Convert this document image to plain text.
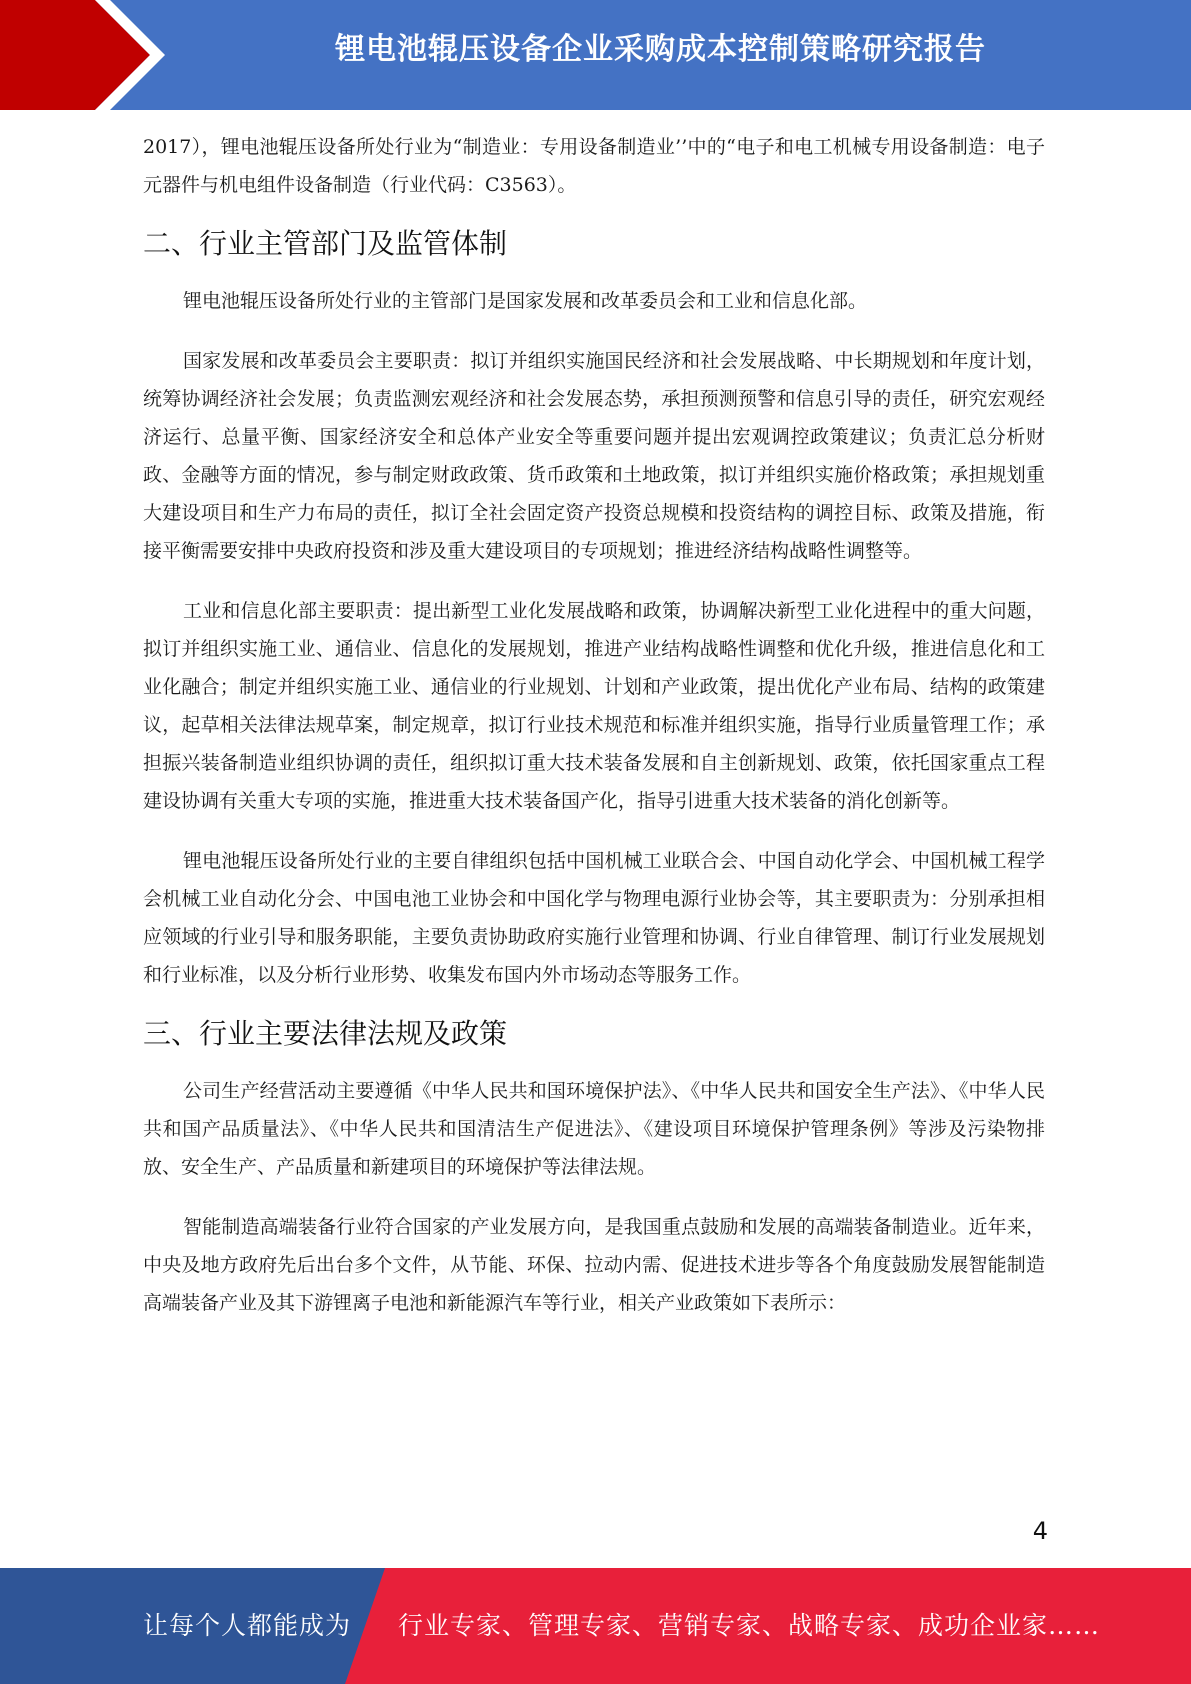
锂电池辊压设备企业采购成本控制策略研究报告

2017），锂电池辊压设备所处行业为“制造业：专用设备制造业’’中的“电子和电工机械专用设备制造：电子元器件与机电组件设备制造（行业代码：C3563）。

二、行业主管部门及监管体制

锂电池辊压设备所处行业的主管部门是国家发展和改革委员会和工业和信息化部。

国家发展和改革委员会主要职责：拟订并组织实施国民经济和社会发展战略、中长期规划和年度计划，统筹协调经济社会发展；负责监测宏观经济和社会发展态势，承担预测预警和信息引导的责任，研究宏观经济运行、总量平衡、国家经济安全和总体产业安全等重要问题并提出宏观调控政策建议；负责汇总分析财政、金融等方面的情况，参与制定财政政策、货币政策和土地政策，拟订并组织实施价格政策；承担规划重大建设项目和生产力布局的责任，拟订全社会固定资产投资总规模和投资结构的调控目标、政策及措施，衔接平衡需要安排中央政府投资和涉及重大建设项目的专项规划；推进经济结构战略性调整等。

工业和信息化部主要职责：提出新型工业化发展战略和政策，协调解决新型工业化进程中的重大问题，拟订并组织实施工业、通信业、信息化的发展规划，推进产业结构战略性调整和优化升级，推进信息化和工业化融合；制定并组织实施工业、通信业的行业规划、计划和产业政策，提出优化产业布局、结构的政策建议，起草相关法律法规草案，制定规章，拟订行业技术规范和标准并组织实施，指导行业质量管理工作；承担振兴装备制造业组织协调的责任，组织拟订重大技术装备发展和自主创新规划、政策，依托国家重点工程建设协调有关重大专项的实施，推进重大技术装备国产化，指导引进重大技术装备的消化创新等。

锂电池辊压设备所处行业的主要自律组织包括中国机械工业联合会、中国自动化学会、中国机械工程学会机械工业自动化分会、中国电池工业协会和中国化学与物理电源行业协会等，其主要职责为：分别承担相应领域的行业引导和服务职能，主要负责协助政府实施行业管理和协调、行业自律管理、制订行业发展规划和行业标准，以及分析行业形势、收集发布国内外市场动态等服务工作。

三、行业主要法律法规及政策

公司生产经营活动主要遵循《中华人民共和国环境保护法》、《中华人民共和国安全生产法》、《中华人民共和国产品质量法》、《中华人民共和国清洁生产促进法》、《建设项目环境保护管理条例》等涉及污染物排放、安全生产、产品质量和新建项目的环境保护等法律法规。

智能制造高端装备行业符合国家的产业发展方向，是我国重点鼓励和发展的高端装备制造业。近年来，中央及地方政府先后出台多个文件，从节能、环保、拉动内需、促进技术进步等各个角度鼓励发展智能制造高端装备产业及其下游锂离子电池和新能源汽车等行业，相关产业政策如下表所示：

4
让每个人都能成为 行业专家、管理专家、营销专家、战略专家、成功企业家……
